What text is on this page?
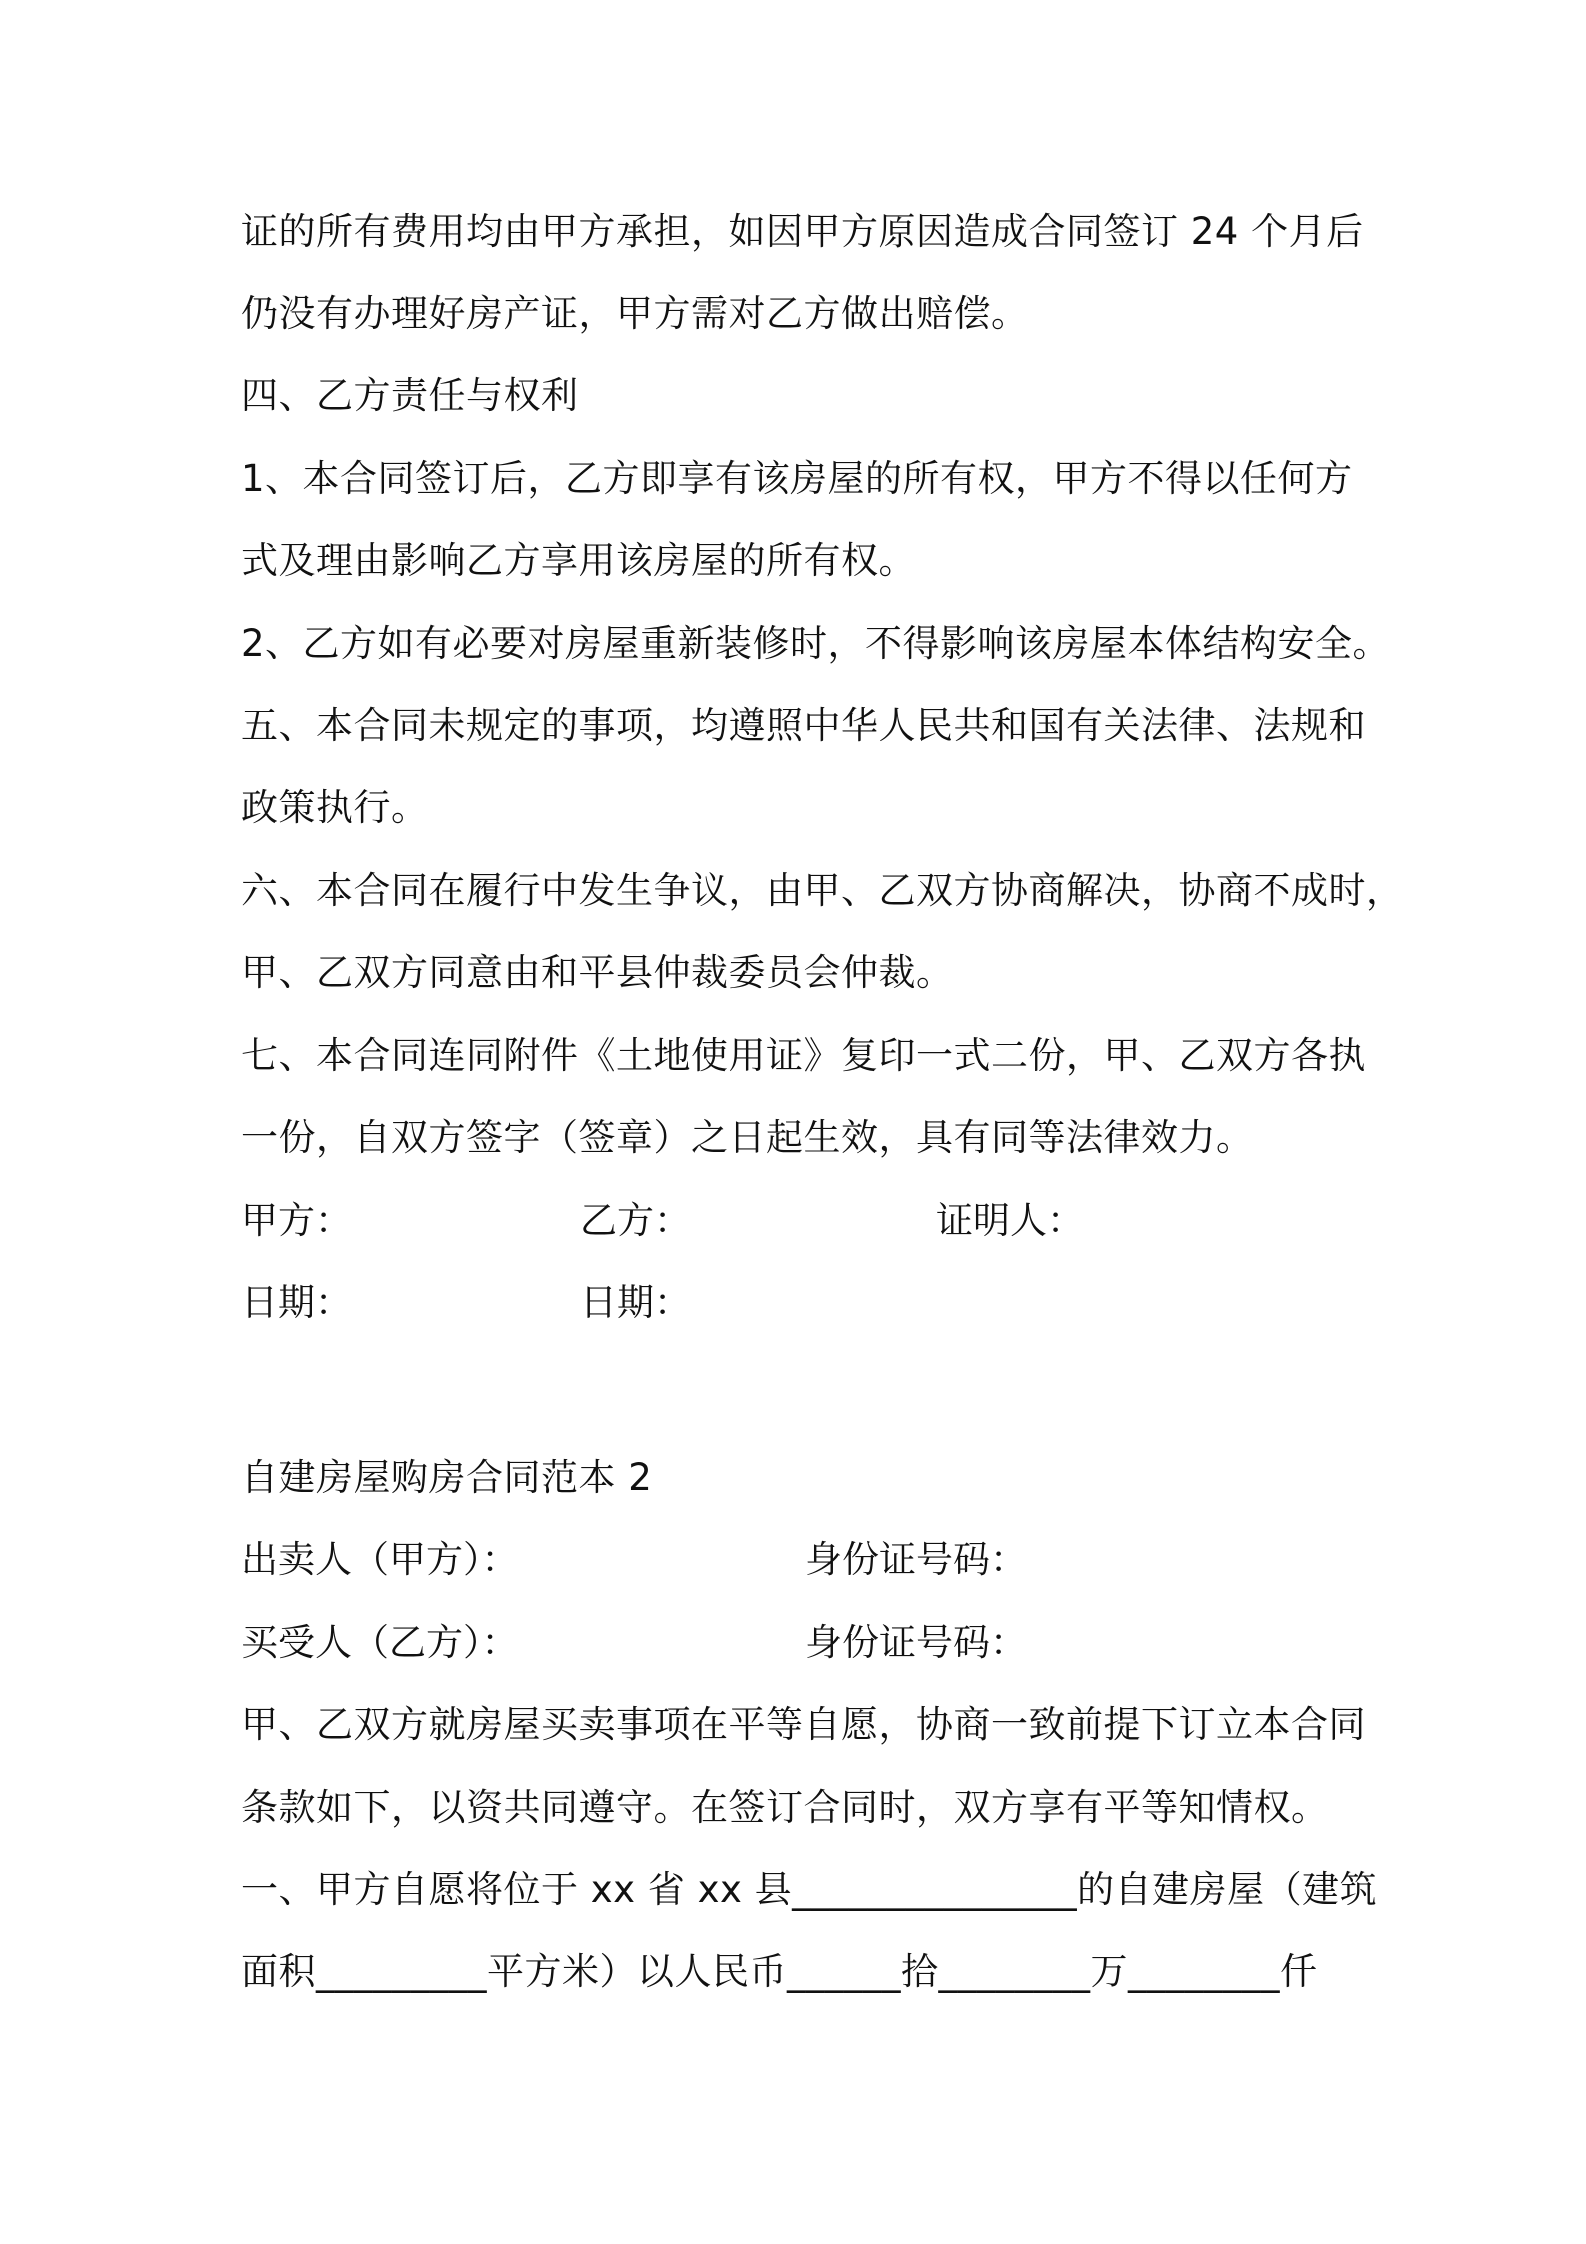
证的所有费用均由甲方承担，如因甲方原因造成合同签订 24 个月后
仍没有办理好房产证，甲方需对乙方做出赔偿。
四、乙方责任与权利
1、本合同签订后，乙方即享有该房屋的所有权，甲方不得以任何方
式及理由影响乙方享用该房屋的所有权。
2、乙方如有必要对房屋重新装修时，不得影响该房屋本体结构安全。
五、本合同未规定的事项，均遵照中华人民共和国有关法律、法规和
政策执行。
六、本合同在履行中发生争议，由甲、乙双方协商解决，协商不成时，
甲、乙双方同意由和平县仲裁委员会仲裁。
七、本合同连同附件《土地使用证》复印一式二份，甲、乙双方各执
一份，自双方签字（签章）之日起生效，具有同等法律效力。
甲方：	乙方：	证明人：
日期：	日期：
自建房屋购房合同范本 2
出卖人（甲方）：	身份证号码：
买受人（乙方）：	身份证号码：
甲、乙双方就房屋买卖事项在平等自愿，协商一致前提下订立本合同
条款如下，以资共同遵守。在签订合同时，双方享有平等知情权。
一、甲方自愿将位于 xx 省 xx 县_______________的自建房屋（建筑
面积_________平方米）以人民币______拾________万________仟
